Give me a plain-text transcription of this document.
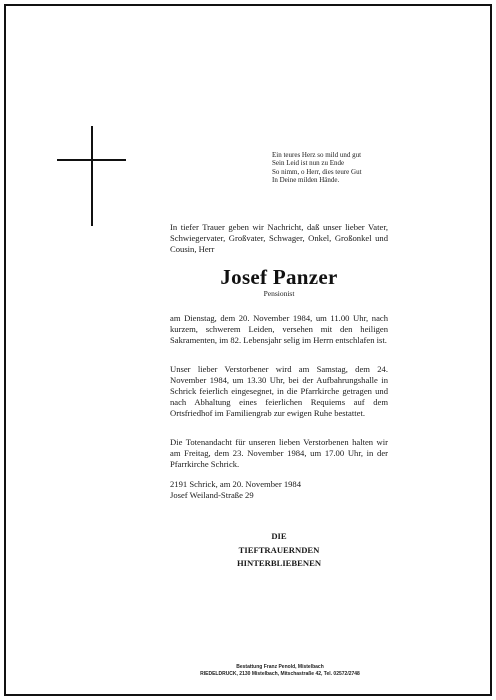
Ein teures Herz so mild und gut
Sein Leid ist nun zu Ende
So nimm, o Herr, dies teure Gut
In Deine milden Hände.
In tiefer Trauer geben wir Nachricht, daß unser lieber Vater, Schwiegervater, Großvater, Schwager, Onkel, Großonkel und Cousin, Herr
Josef Panzer
Pensionist
am Dienstag, dem 20. November 1984, um 11.00 Uhr, nach kurzem, schwerem Leiden, versehen mit den heiligen Sakramenten, im 82. Lebensjahr selig im Herrn entschlafen ist.
Unser lieber Verstorbener wird am Samstag, dem 24. November 1984, um 13.30 Uhr, bei der Aufbahrungshalle in Schrick feierlich eingesegnet, in die Pfarrkirche getragen und nach Abhaltung eines feierlichen Requiems auf dem Ortsfriedhof im Familiengrab zur ewigen Ruhe bestattet.
Die Totenandacht für unseren lieben Verstorbenen halten wir am Freitag, dem 23. November 1984, um 17.00 Uhr, in der Pfarrkirche Schrick.
2191 Schrick, am 20. November 1984
Josef Weiland-Straße 29
DIE
TIEFTRAUERNDEN
HINTERBLIEBENEN
Bestattung Franz Penold, Mistelbach
RIEDELDRUCK, 2130 Mistelbach, Mitschastraße 42, Tel. 02572/2748
